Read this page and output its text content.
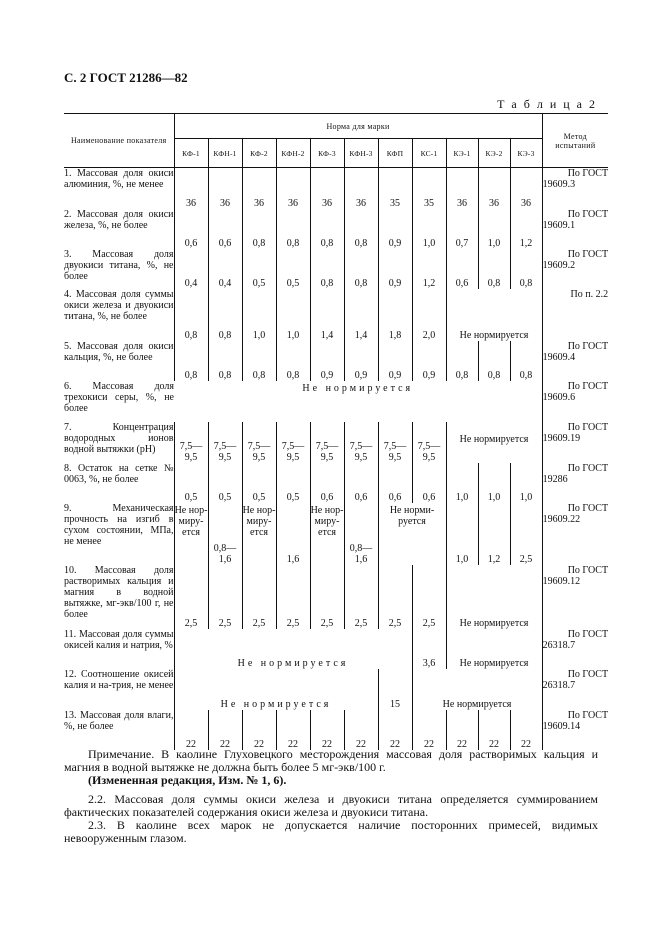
С. 2 ГОСТ 21286—82
Т а б л и ц а 2
Наименование показателя	Норма для марки											Метод испытаний
	КФ-1	КФН-1	КФ-2	КФН-2	КФ-3	КФН-3	КФП	КС-1	КЭ-1	КЭ-2	КЭ-3	
1. Массовая доля окиси алюминия, %, не менее	36	36	36	36	36	36	35	35	36	36	36	По ГОСТ
19609.3

2. Массовая доля окиси железа, %, не более	0,6	0,6	0,8	0,8	0,8	0,8	0,9	1,0	0,7	1,0	1,2	По ГОСТ
19609.1

3. Массовая доля двуокиси титана, %, не более	0,4	0,4	0,5	0,5	0,8	0,8	0,9	1,2	0,6	0,8	0,8	По ГОСТ
19609.2

4. Массовая доля суммы окиси железа и двуокиси титана, %, не более	0,8	0,8	1,0	1,0	1,4	1,4	1,8	2,0	Не нормируется			По п. 2.2

5. Массовая доля окиси кальция, %, не более	0,8	0,8	0,8	0,8	0,9	0,9	0,9	0,9	0,8	0,8	0,8	По ГОСТ
19609.4

6. Массовая доля трехокиси серы, %, не более	Не нормируется											По ГОСТ
19609.6

7. Концентрация водородных ионов водной вытяжки (pH)	7,5—9,5	7,5—9,5	7,5—9,5	7,5—9,5	7,5—9,5	7,5—9,5	7,5—9,5	7,5—9,5	Не нормируется			По ГОСТ
19609.19

8. Остаток на сетке № 0063, %, не более	0,5	0,5	0,5	0,5	0,6	0,6	0,6	0,6	1,0	1,0	1,0	По ГОСТ
19286

9. Механическая прочность на изгиб в сухом состоянии, МПа, не менее	Не нор-миру-ется	0,8—1,6	Не нор-миру-ется	1,6	Не нор-миру-ется	0,8—1,6	Не норми-руется		1,0	1,2	2,5	По ГОСТ
19609.22

10. Массовая доля растворимых кальция и магния в водной вытяжке, мг-экв/100 г, не более	2,5	2,5	2,5	2,5	2,5	2,5	2,5	2,5	Не нормируется			По ГОСТ
19609.12

11. Массовая доля суммы окисей калия и натрия, %	Не нормируется							3,6	Не нормируется			По ГОСТ
26318.7

12. Соотношение окисей калия и на-трия, не менее	Не нормируется						15	Не нормируется				По ГОСТ
26318.7

13. Массовая доля влаги, %, не более	22	22	22	22	22	22	22	22	22	22	22	По ГОСТ
19609.14

Примечание. В каолине Глуховецкого месторождения массовая доля растворимых кальция и магния в водной вытяжке не должна быть более 5 мг-экв/100 г.

(Измененная редакция, Изм. № 1, 6).

2.2. Массовая доля суммы окиси железа и двуокиси титана определяется суммированием фактических показателей содержания окиси железа и двуокиси титана.

2.3. В каолине всех марок не допускается наличие посторонних примесей, видимых невооруженным глазом.
